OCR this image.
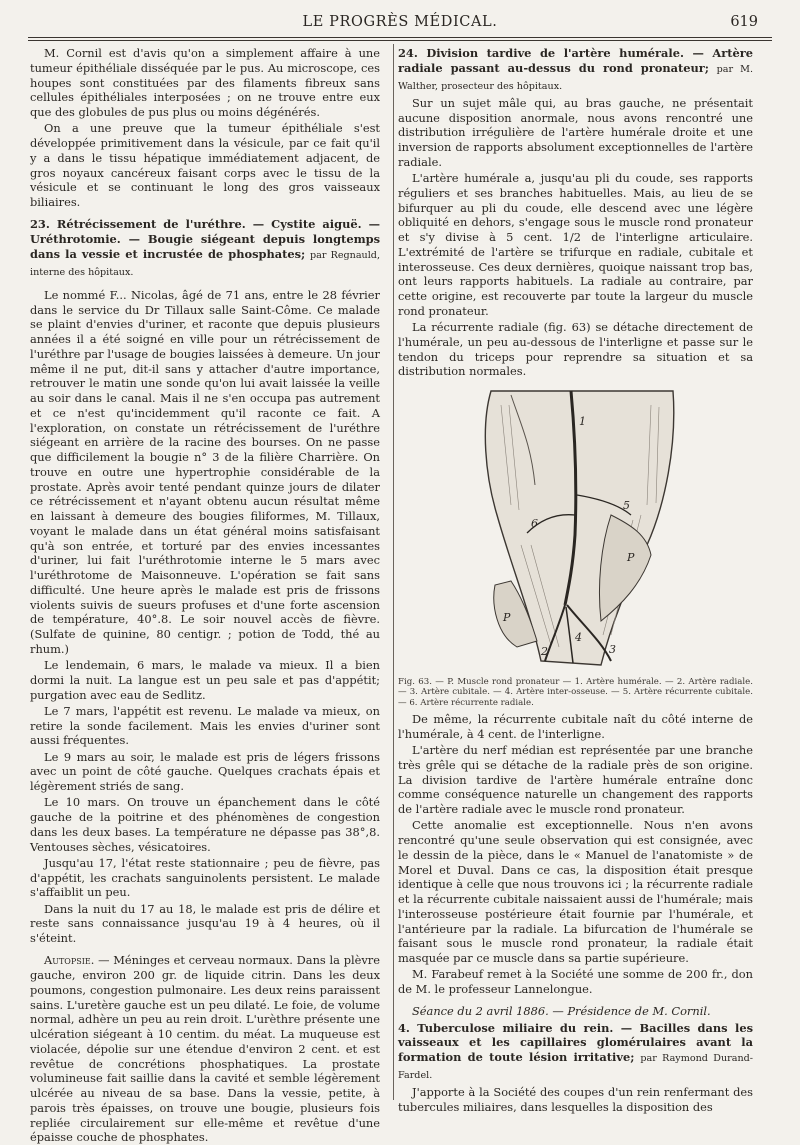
LE PROGRÈS MÉDICAL.	619

M. Cornil est d'avis qu'on a simplement affaire à une tumeur épithéliale disséquée par le pus. Au microscope, ces houpes sont constituées par des filaments fibreux sans cellules épithéliales interposées ; on ne trouve entre eux que des globules de pus plus ou moins dégénérés.

On a une preuve que la tumeur épithéliale s'est développée primitivement dans la vésicule, par ce fait qu'il y a dans le tissu hépatique immédiatement adjacent, de gros noyaux cancéreux faisant corps avec le tissu de la vésicule et se continuant le long des gros vaisseaux biliaires.

23. Rétrécissement de l'uréthre. — Cystite aiguë. — Uréthrotomie. — Bougie siégeant depuis longtemps dans la vessie et incrustée de phosphates; par Regnauld, interne des hôpitaux.

Le nommé F... Nicolas, âgé de 71 ans, entre le 28 février dans le service du Dr Tillaux salle Saint-Côme. Ce malade se plaint d'envies d'uriner, et raconte que depuis plusieurs années il a été soigné en ville pour un rétrécissement de l'uréthre par l'usage de bougies laissées à demeure. Un jour même il ne put, dit-il sans y attacher d'autre importance, retrouver le matin une sonde qu'on lui avait laissée la veille au soir dans le canal. Mais il ne s'en occupa pas autrement et ce n'est qu'incidemment qu'il raconte ce fait. A l'exploration, on constate un rétrécissement de l'uréthre siégeant en arrière de la racine des bourses. On ne passe que difficilement la bougie n° 3 de la filière Charrière. On trouve en outre une hypertrophie considérable de la prostate. Après avoir tenté pendant quinze jours de dilater ce rétrécissement et n'ayant obtenu aucun résultat même en laissant à demeure des bougies filiformes, M. Tillaux, voyant le malade dans un état général moins satisfaisant qu'à son entrée, et torturé par des envies incessantes d'uriner, lui fait l'uréthrotomie interne le 5 mars avec l'uréthrotome de Maisonneuve. L'opération se fait sans difficulté. Une heure après le malade est pris de frissons violents suivis de sueurs profuses et d'une forte ascension de température, 40°.8. Le soir nouvel accès de fièvre. (Sulfate de quinine, 80 centigr. ; potion de Todd, thé au rhum.)

Le lendemain, 6 mars, le malade va mieux. Il a bien dormi la nuit. La langue est un peu sale et pas d'appétit; purgation avec eau de Sedlitz.

Le 7 mars, l'appétit est revenu. Le malade va mieux, on retire la sonde facilement. Mais les envies d'uriner sont aussi fréquentes.

Le 9 mars au soir, le malade est pris de légers frissons avec un point de côté gauche. Quelques crachats épais et légèrement striés de sang.

Le 10 mars. On trouve un épanchement dans le côté gauche de la poitrine et des phénomènes de congestion dans les deux bases. La température ne dépasse pas 38°,8. Ventouses sèches, vésicatoires.

Jusqu'au 17, l'état reste stationnaire ; peu de fièvre, pas d'appétit, les crachats sanguinolents persistent. Le malade s'affaiblit un peu.

Dans la nuit du 17 au 18, le malade est pris de délire et reste sans connaissance jusqu'au 19 à 4 heures, où il s'éteint.

Autopsie. — Méninges et cerveau normaux. Dans la plèvre gauche, environ 200 gr. de liquide citrin. Dans les deux poumons, congestion pulmonaire. Les deux reins paraissent sains. L'uretère gauche est un peu dilaté. Le foie, de volume normal, adhère un peu au rein droit. L'urèthre présente une ulcération siégeant à 10 centim. du méat. La muqueuse est violacée, dépolie sur une étendue d'environ 2 cent. et est revêtue de concrétions phosphatiques. La prostate volumineuse fait saillie dans la cavité et semble légèrement ulcérée au niveau de sa base. Dans la vessie, petite, à parois très épaisses, on trouve une bougie, plusieurs fois repliée circulairement sur elle-même et revêtue d'une épaisse couche de phosphates.

24. Division tardive de l'artère humérale. — Artère radiale passant au-dessus du rond pronateur; par M. Walther, prosecteur des hôpitaux.

Sur un sujet mâle qui, au bras gauche, ne présentait aucune disposition anormale, nous avons rencontré une distribution irrégulière de l'artère humérale droite et une inversion de rapports absolument exceptionnelles de l'artère radiale.

L'artère humérale a, jusqu'au pli du coude, ses rapports réguliers et ses branches habituelles. Mais, au lieu de se bifurquer au pli du coude, elle descend avec une légère obliquité en dehors, s'engage sous le muscle rond pronateur et s'y divise à 5 cent. 1/2 de l'interligne articulaire. L'extrémité de l'artère se trifurque en radiale, cubitale et interosseuse. Ces deux dernières, quoique naissant trop bas, ont leurs rapports habituels. La radiale au contraire, par cette origine, est recouverte par toute la largeur du muscle rond pronateur.

La récurrente radiale (fig. 63) se détache directement de l'humérale, un peu au-dessous de l'interligne et passe sur le tendon du triceps pour reprendre sa situation et sa distribution normales.

1
2	3
4
5
6
P
P
Fig. 63. — P. Muscle rond pronateur — 1. Artère humérale. — 2. Artère radiale. — 3. Artère cubitale. — 4. Artère inter-osseuse. — 5. Artère récurrente cubitale. — 6. Artère récurrente radiale.

De même, la récurrente cubitale naît du côté interne de l'humérale, à 4 cent. de l'interligne.

L'artère du nerf médian est représentée par une branche très grêle qui se détache de la radiale près de son origine. La division tardive de l'artère humérale entraîne donc comme conséquence naturelle un changement des rapports de l'artère radiale avec le muscle rond pronateur.

Cette anomalie est exceptionnelle. Nous n'en avons rencontré qu'une seule observation qui est consignée, avec le dessin de la pièce, dans le « Manuel de l'anatomiste » de Morel et Duval. Dans ce cas, la disposition était presque identique à celle que nous trouvons ici ; la récurrente radiale et la récurrente cubitale naissaient aussi de l'humérale; mais l'interosseuse postérieure était fournie par l'humérale, et l'antérieure par la radiale. La bifurcation de l'humérale se faisant sous le muscle rond pronateur, la radiale était masquée par ce muscle dans sa partie supérieure.

M. Farabeuf remet à la Société une somme de 200 fr., don de M. le professeur Lannelongue.

Séance du 2 avril 1886. — Présidence de M. Cornil.

4. Tuberculose miliaire du rein. — Bacilles dans les vaisseaux et les capillaires glomérulaires avant la formation de toute lésion irritative; par Raymond Durand-Fardel.

J'apporte à la Société des coupes d'un rein renfermant des tubercules miliaires, dans lesquelles la disposition des
